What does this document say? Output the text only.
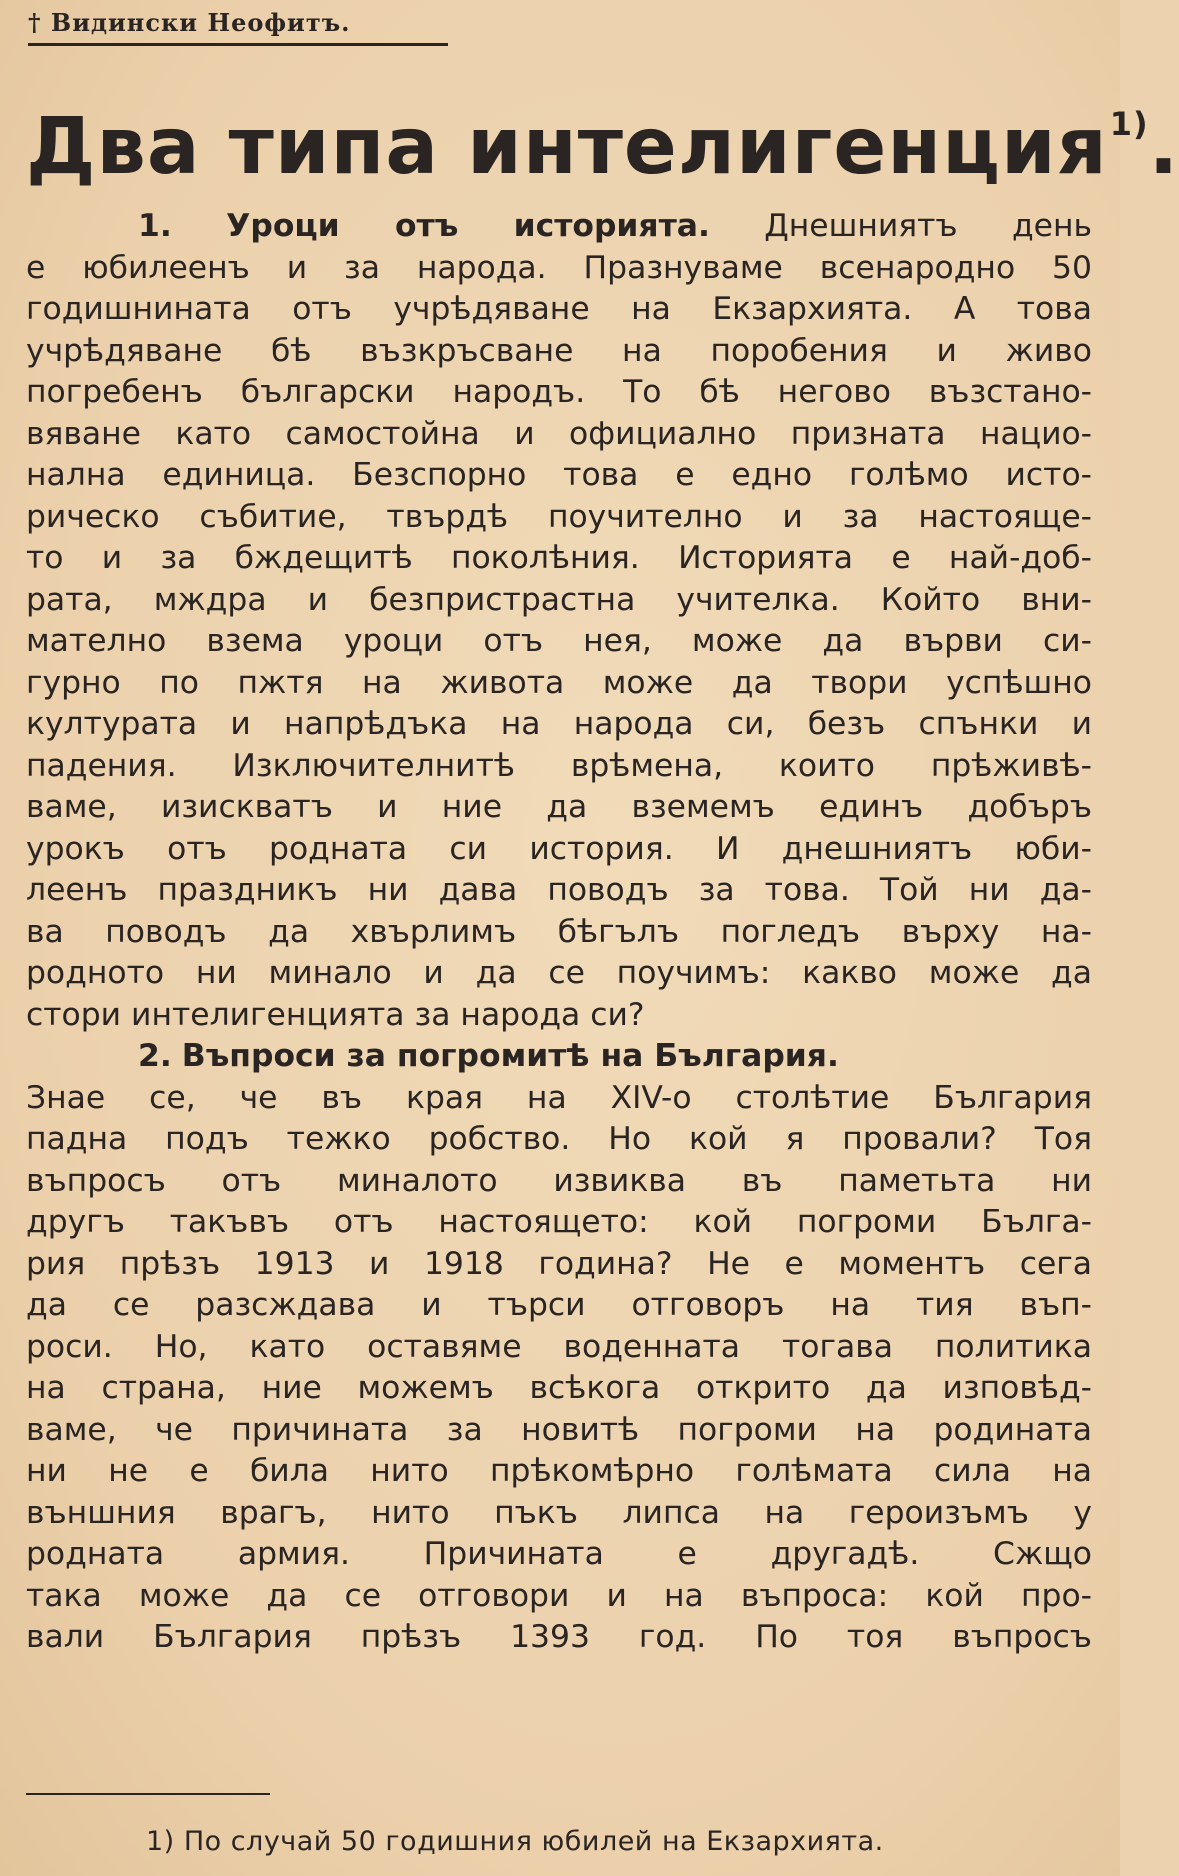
† Видински Неофитъ.
Два типа интелигенция$^{1)}$.
1. Уроци отъ историята. Днешниятъ день
е юбилеенъ и за народа. Празнуваме всенародно 50
годишнината отъ учрѣдяване на Екзархията. А това
учрѣдяване бѣ възкръсване на поробения и живо
погребенъ български народъ. То бѣ негово възстано-
вяване като самостойна и официално призната нацио-
нална единица. Безспорно това е едно голѣмо исто-
рическо събитие, твърдѣ поучително и за настояще-
то и за бждещитѣ поколѣния. Историята е най-доб-
рата, мждра и безпристрастна учителка. Който вни-
мателно взема уроци отъ нея, може да върви си-
гурно по пжтя на живота може да твори успѣшно
културата и напрѣдъка на народа си, безъ спънки и
падения. Изключителнитѣ врѣмена, които прѣживѣ-
ваме, изискватъ и ние да вземемъ единъ добъръ
урокъ отъ родната си история. И днешниятъ юби-
леенъ праздникъ ни дава поводъ за това. Той ни да-
ва поводъ да хвърлимъ бѣгълъ погледъ върху на-
родното ни минало и да се поучимъ: какво може да
стори интелигенцията за народа си?
2. Въпроси за погромитѣ на България.
Знае се, че въ края на XIV-о столѣтие България
падна подъ тежко робство. Но кой я провали? Тоя
въпросъ отъ миналото извиква въ паметьта ни
другъ такъвъ отъ настоящето: кой погроми Бълга-
рия прѣзъ 1913 и 1918 година? Не е моментъ сега
да се разсждава и търси отговоръ на тия въп-
роси. Но, като оставяме воденната тогава политика
на страна, ние можемъ всѣкога открито да изповѣд-
ваме, че причината за новитѣ погроми на родината
ни не е била нито прѣкомѣрно голѣмата сила на
външния врагъ, нито пъкъ липса на героизъмъ у
родната армия. Причината е другадѣ. Сжщо
така може да се отговори и на въпроса: кой про-
вали България прѣзъ 1393 год. По тоя въпросъ
1) По случай 50 годишния юбилей на Екзархията.
